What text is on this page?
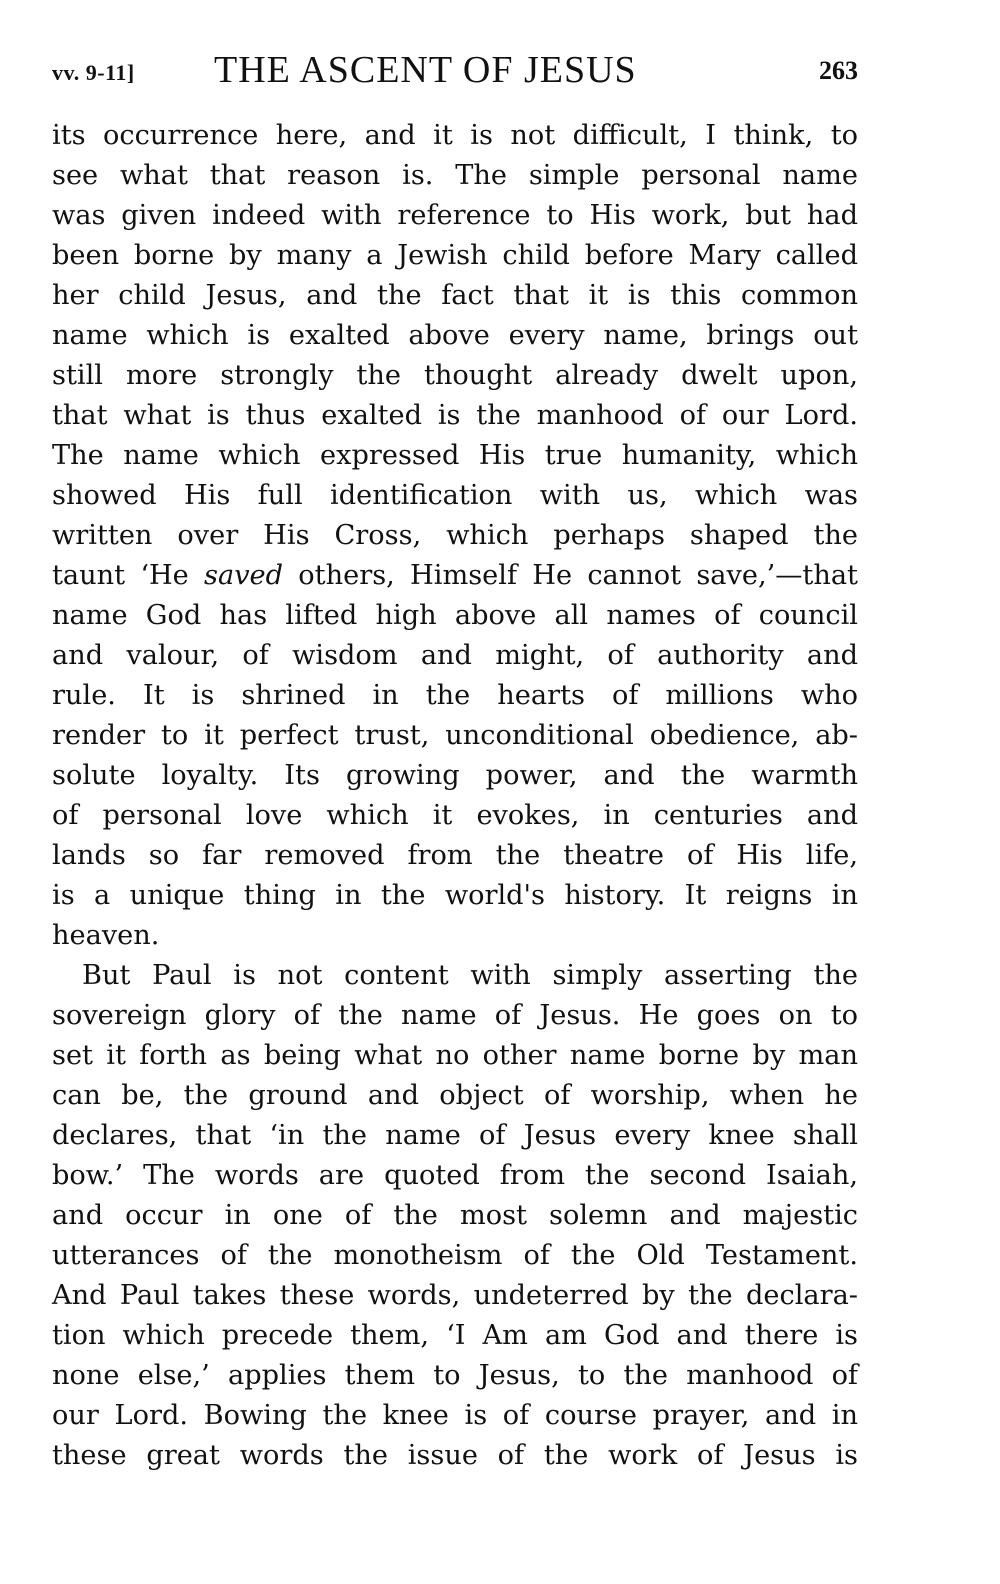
vv. 9-11] THE ASCENT OF JESUS	263
its occurrence here, and it is not difficult, I think, to
see what that reason is. The simple personal name
was given indeed with reference to His work, but had
been borne by many a Jewish child before Mary called
her child Jesus, and the fact that it is this common
name which is exalted above every name, brings out
still more strongly the thought already dwelt upon,
that what is thus exalted is the manhood of our Lord.
The name which expressed His true humanity, which
showed His full identification with us, which was
written over His Cross, which perhaps shaped the
taunt ‘He saved others, Himself He cannot save,’—that
name God has lifted high above all names of council
and valour, of wisdom and might, of authority and
rule. It is shrined in the hearts of millions who
render to it perfect trust, unconditional obedience, ab-
solute loyalty. Its growing power, and the warmth
of personal love which it evokes, in centuries and
lands so far removed from the theatre of His life,
is a unique thing in the world's history. It reigns in
heaven.
But Paul is not content with simply asserting the
sovereign glory of the name of Jesus. He goes on to
set it forth as being what no other name borne by man
can be, the ground and object of worship, when he
declares, that ‘in the name of Jesus every knee shall
bow.’ The words are quoted from the second Isaiah,
and occur in one of the most solemn and majestic
utterances of the monotheism of the Old Testament.
And Paul takes these words, undeterred by the declara-
tion which precede them, ‘I Am am God and there is
none else,’ applies them to Jesus, to the manhood of
our Lord. Bowing the knee is of course prayer, and in
these great words the issue of the work of Jesus is
